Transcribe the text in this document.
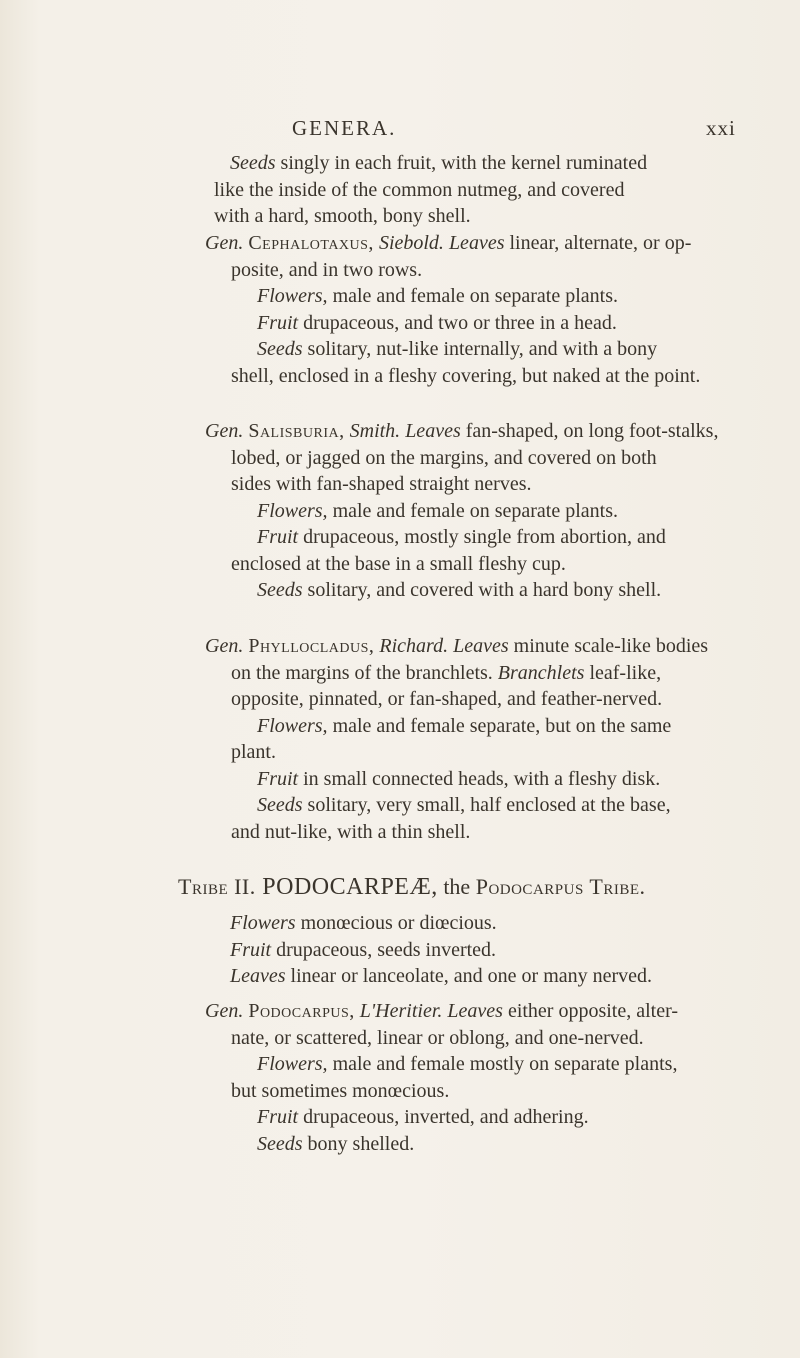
GENERA.	xxi
Seeds singly in each fruit, with the kernel ruminated
like the inside of the common nutmeg, and covered
with a hard, smooth, bony shell.
Gen. Cephalotaxus, Siebold. Leaves linear, alternate, or op-
posite, and in two rows.
Flowers, male and female on separate plants.
Fruit drupaceous, and two or three in a head.
Seeds solitary, nut-like internally, and with a bony
shell, enclosed in a fleshy covering, but naked at the point.
Gen. Salisburia, Smith. Leaves fan-shaped, on long foot-stalks,
lobed, or jagged on the margins, and covered on both
sides with fan-shaped straight nerves.
Flowers, male and female on separate plants.
Fruit drupaceous, mostly single from abortion, and
enclosed at the base in a small fleshy cup.
Seeds solitary, and covered with a hard bony shell.
Gen. Phyllocladus, Richard. Leaves minute scale-like bodies
on the margins of the branchlets. Branchlets leaf-like,
opposite, pinnated, or fan-shaped, and feather-nerved.
Flowers, male and female separate, but on the same
plant.
Fruit in small connected heads, with a fleshy disk.
Seeds solitary, very small, half enclosed at the base,
and nut-like, with a thin shell.
Tribe II. PODOCARPEÆ, the Podocarpus Tribe.
Flowers monœcious or diœcious.
Fruit drupaceous, seeds inverted.
Leaves linear or lanceolate, and one or many nerved.
Gen. Podocarpus, L'Heritier. Leaves either opposite, alter-
nate, or scattered, linear or oblong, and one-nerved.
Flowers, male and female mostly on separate plants,
but sometimes monœcious.
Fruit drupaceous, inverted, and adhering.
Seeds bony shelled.
